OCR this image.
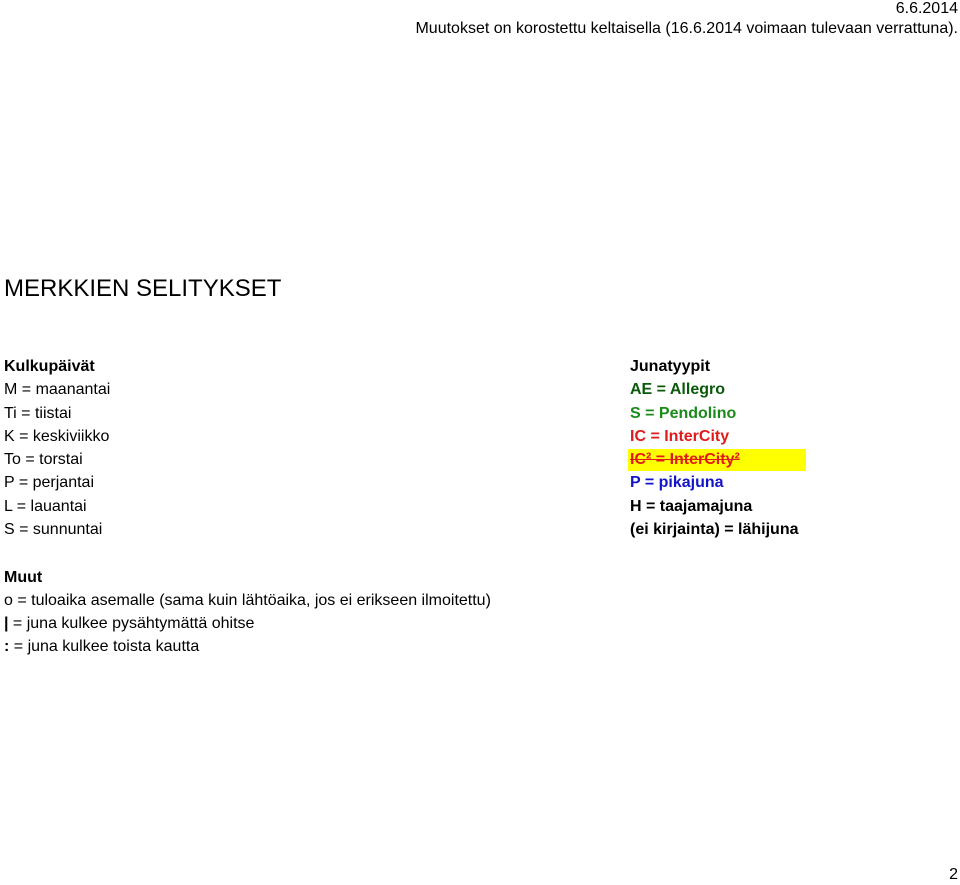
6.6.2014
Muutokset on korostettu keltaisella (16.6.2014 voimaan tulevaan verrattuna).
MERKKIEN SELITYKSET
Kulkupäivät
M = maanantai
Ti = tiistai
K = keskiviikko
To = torstai
P = perjantai
L = lauantai
S = sunnuntai
Junatyypit
AE = Allegro
S = Pendolino
IC = InterCity
IC² = InterCity²
P = pikajuna
H = taajamajuna
(ei kirjainta) = lähijuna
Muut
o = tuloaika asemalle (sama kuin lähtöaika, jos ei erikseen ilmoitettu)
| = juna kulkee pysähtymättä ohitse
: = juna kulkee toista kautta
2
